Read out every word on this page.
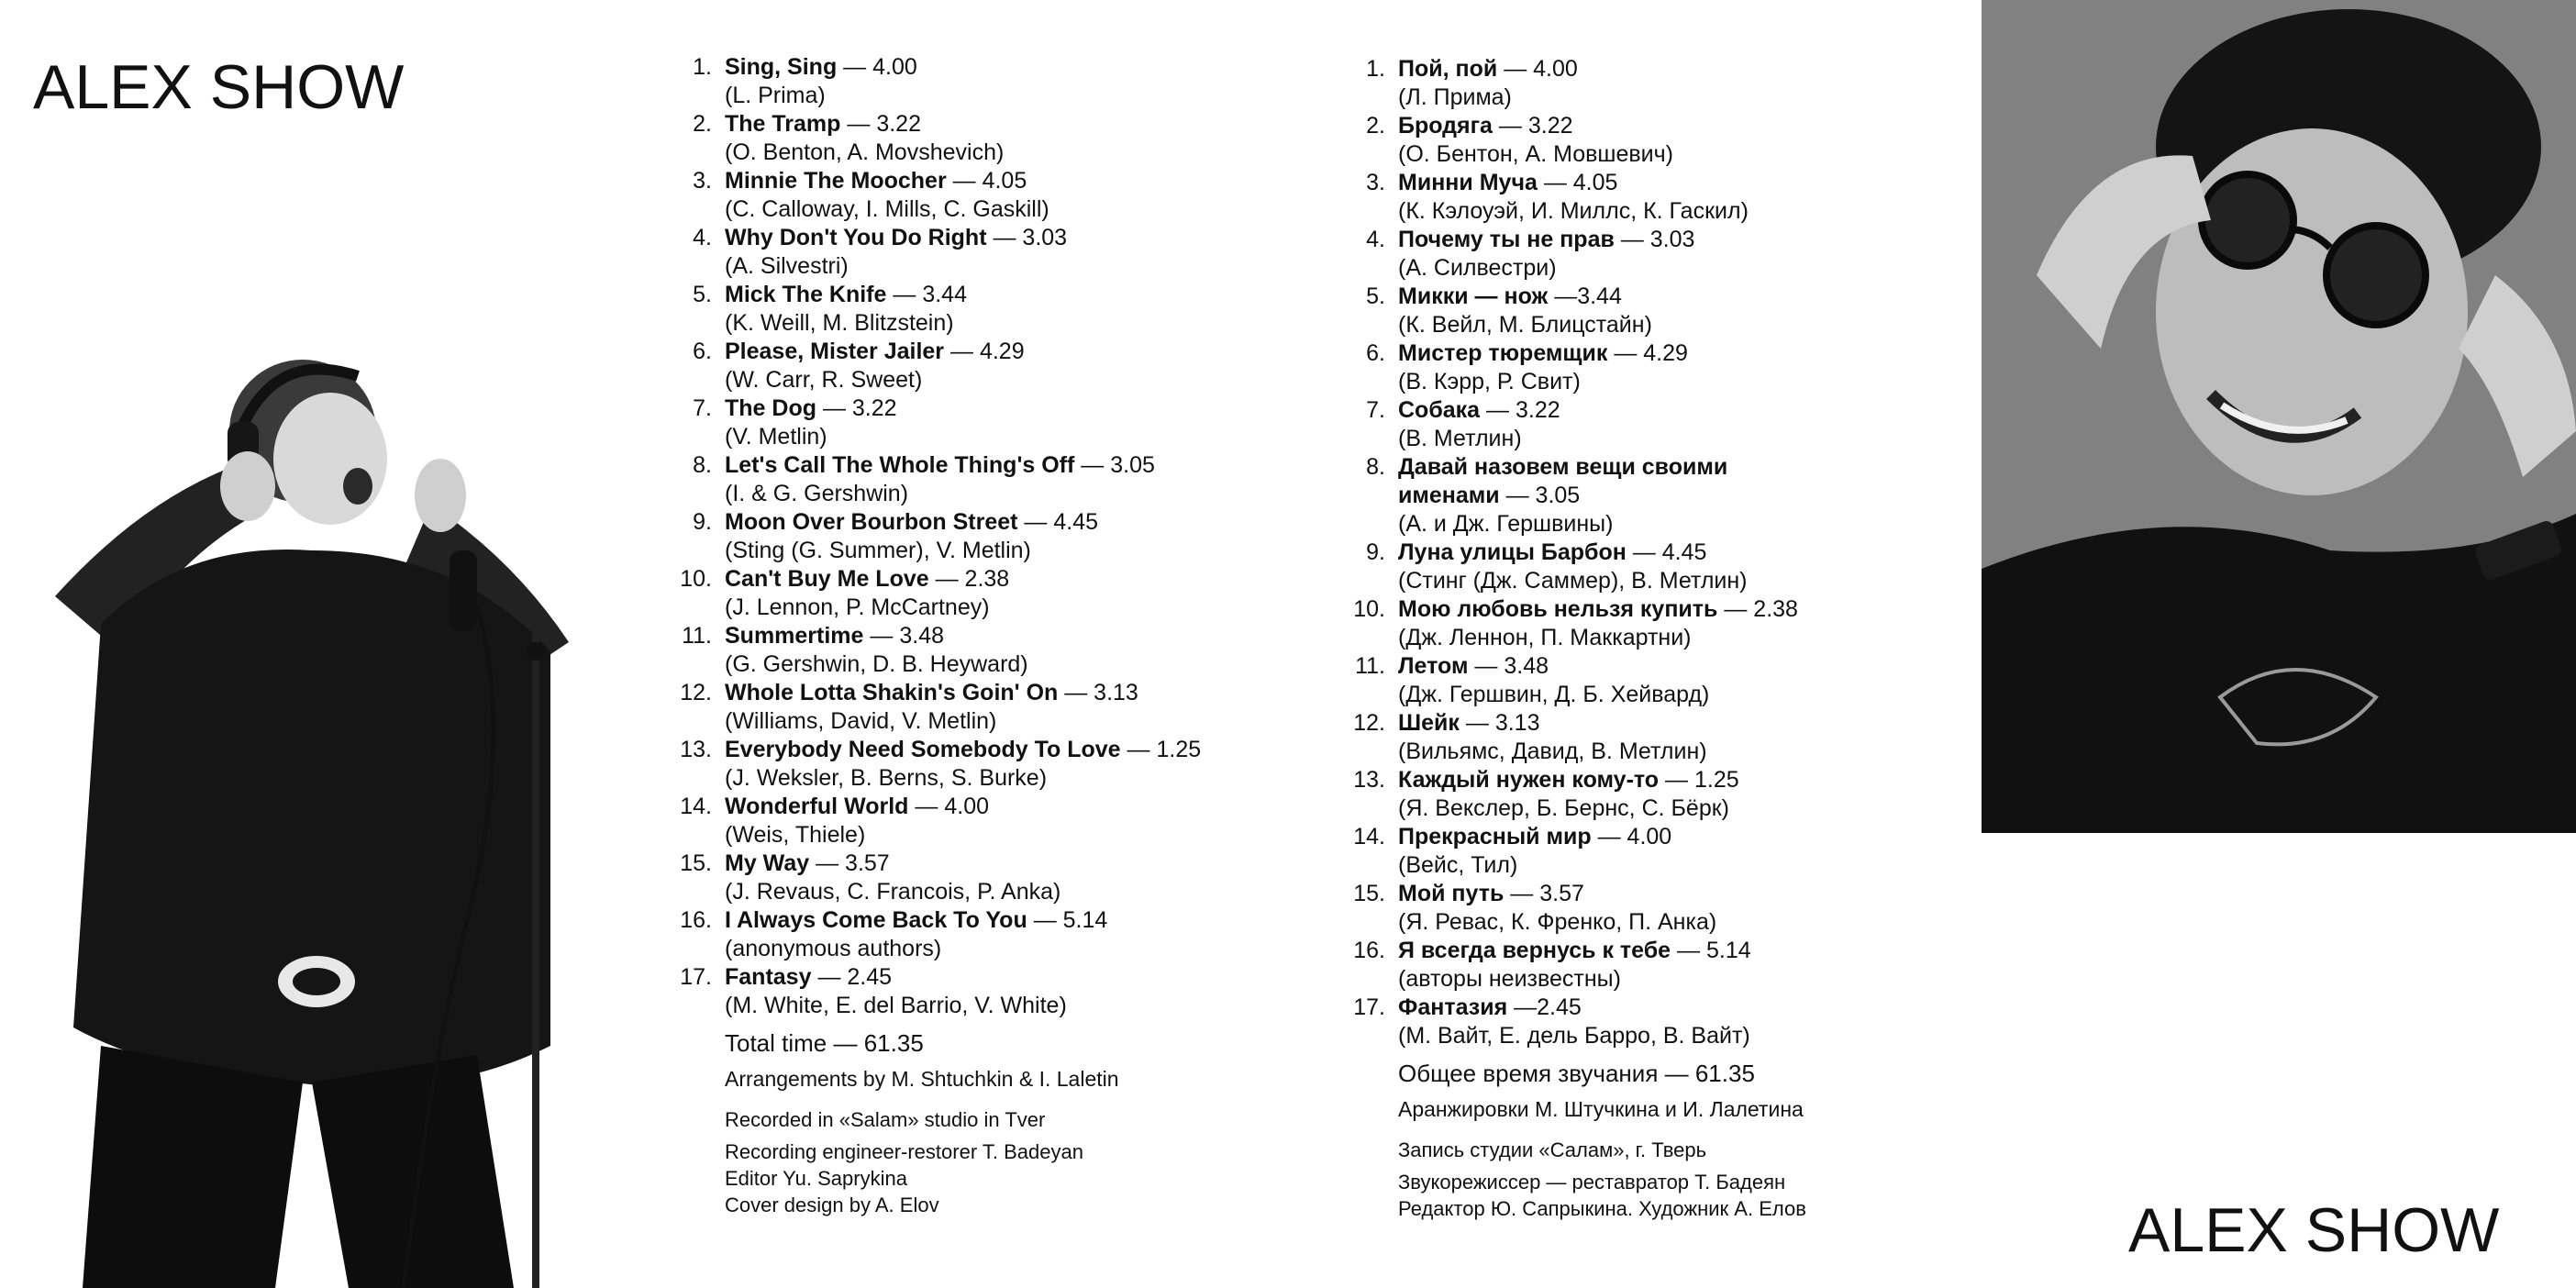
ALEX SHOW	1. Sing, Sing — 4.00
(L. Prima)
2. The Tramp — 3.22
(O. Benton, A. Movshevich)
3. Minnie The Moocher — 4.05
(C. Calloway, I. Mills, C. Gaskill)
4. Why Don't You Do Right — 3.03
(A. Silvestri)
5. Mick The Knife — 3.44
(K. Weill, M. Blitzstein)
6. Please, Mister Jailer — 4.29
(W. Carr, R. Sweet)
7. The Dog — 3.22
(V. Metlin)
8. Let's Call The Whole Thing's Off — 3.05
(I. & G. Gershwin)
9. Moon Over Bourbon Street — 4.45
(Sting (G. Summer), V. Metlin)
10. Can't Buy Me Love — 2.38
(J. Lennon, P. McCartney)
11. Summertime — 3.48
(G. Gershwin, D. B. Heyward)
12. Whole Lotta Shakin's Goin' On — 3.13
(Williams, David, V. Metlin)
13. Everybody Need Somebody To Love — 1.25
(J. Weksler, B. Berns, S. Burke)
14. Wonderful World — 4.00
(Weis, Thiele)
15. My Way — 3.57
(J. Revaus, C. Francois, P. Anka)
16. I Always Come Back To You — 5.14
(anonymous authors)
17. Fantasy — 2.45
(M. White, E. del Barrio, V. White)
Total time — 61.35
Arrangements by M. Shtuchkin & I. Laletin
Recorded in «Salam» studio in Tver
Recording engineer-restorer T. Badeyan
Editor Yu. Saprykina
Cover design by A. Elov
1. Пой, пой — 4.00
(Л. Прима)
2. Бродяга — 3.22
(О. Бентон, А. Мовшевич)
3. Минни Муча — 4.05
(К. Кэлоуэй, И. Миллс, К. Гаскил)
4. Почему ты не прав — 3.03
(А. Силвестри)
5. Микки — нож —3.44
(К. Вейл, М. Блицстайн)
6. Мистер тюремщик — 4.29
(В. Кэрр, Р. Свит)
7. Собака — 3.22
(В. Метлин)
8. Давай назовем вещи своими именами — 3.05
(А. и Дж. Гершвины)
9. Луна улицы Барбон — 4.45
(Стинг (Дж. Саммер), В. Метлин)
10. Мою любовь нельзя купить — 2.38
(Дж. Леннон, П. Маккартни)
11. Летом — 3.48
(Дж. Гершвин, Д. Б. Хейвард)
12. Шейк — 3.13
(Вильямс, Давид, В. Метлин)
13. Каждый нужен кому-то — 1.25
(Я. Векслер, Б. Бернс, С. Бёрк)
14. Прекрасный мир — 4.00
(Вейс, Тил)
15. Мой путь — 3.57
(Я. Ревас, К. Френко, П. Анка)
16. Я всегда вернусь к тебе — 5.14
(авторы неизвестны)
17. Фантазия —2.45
(М. Вайт, Е. дель Барро, В. Вайт)
Общее время звучания — 61.35
Аранжировки М. Штучкина и И. Лалетина
Запись студии «Салам», г. Тверь
Звукорежиссер — реставратор Т. Бадеян
Редактор Ю. Сапрыкина. Художник А. Елов	ALEX SHOW
